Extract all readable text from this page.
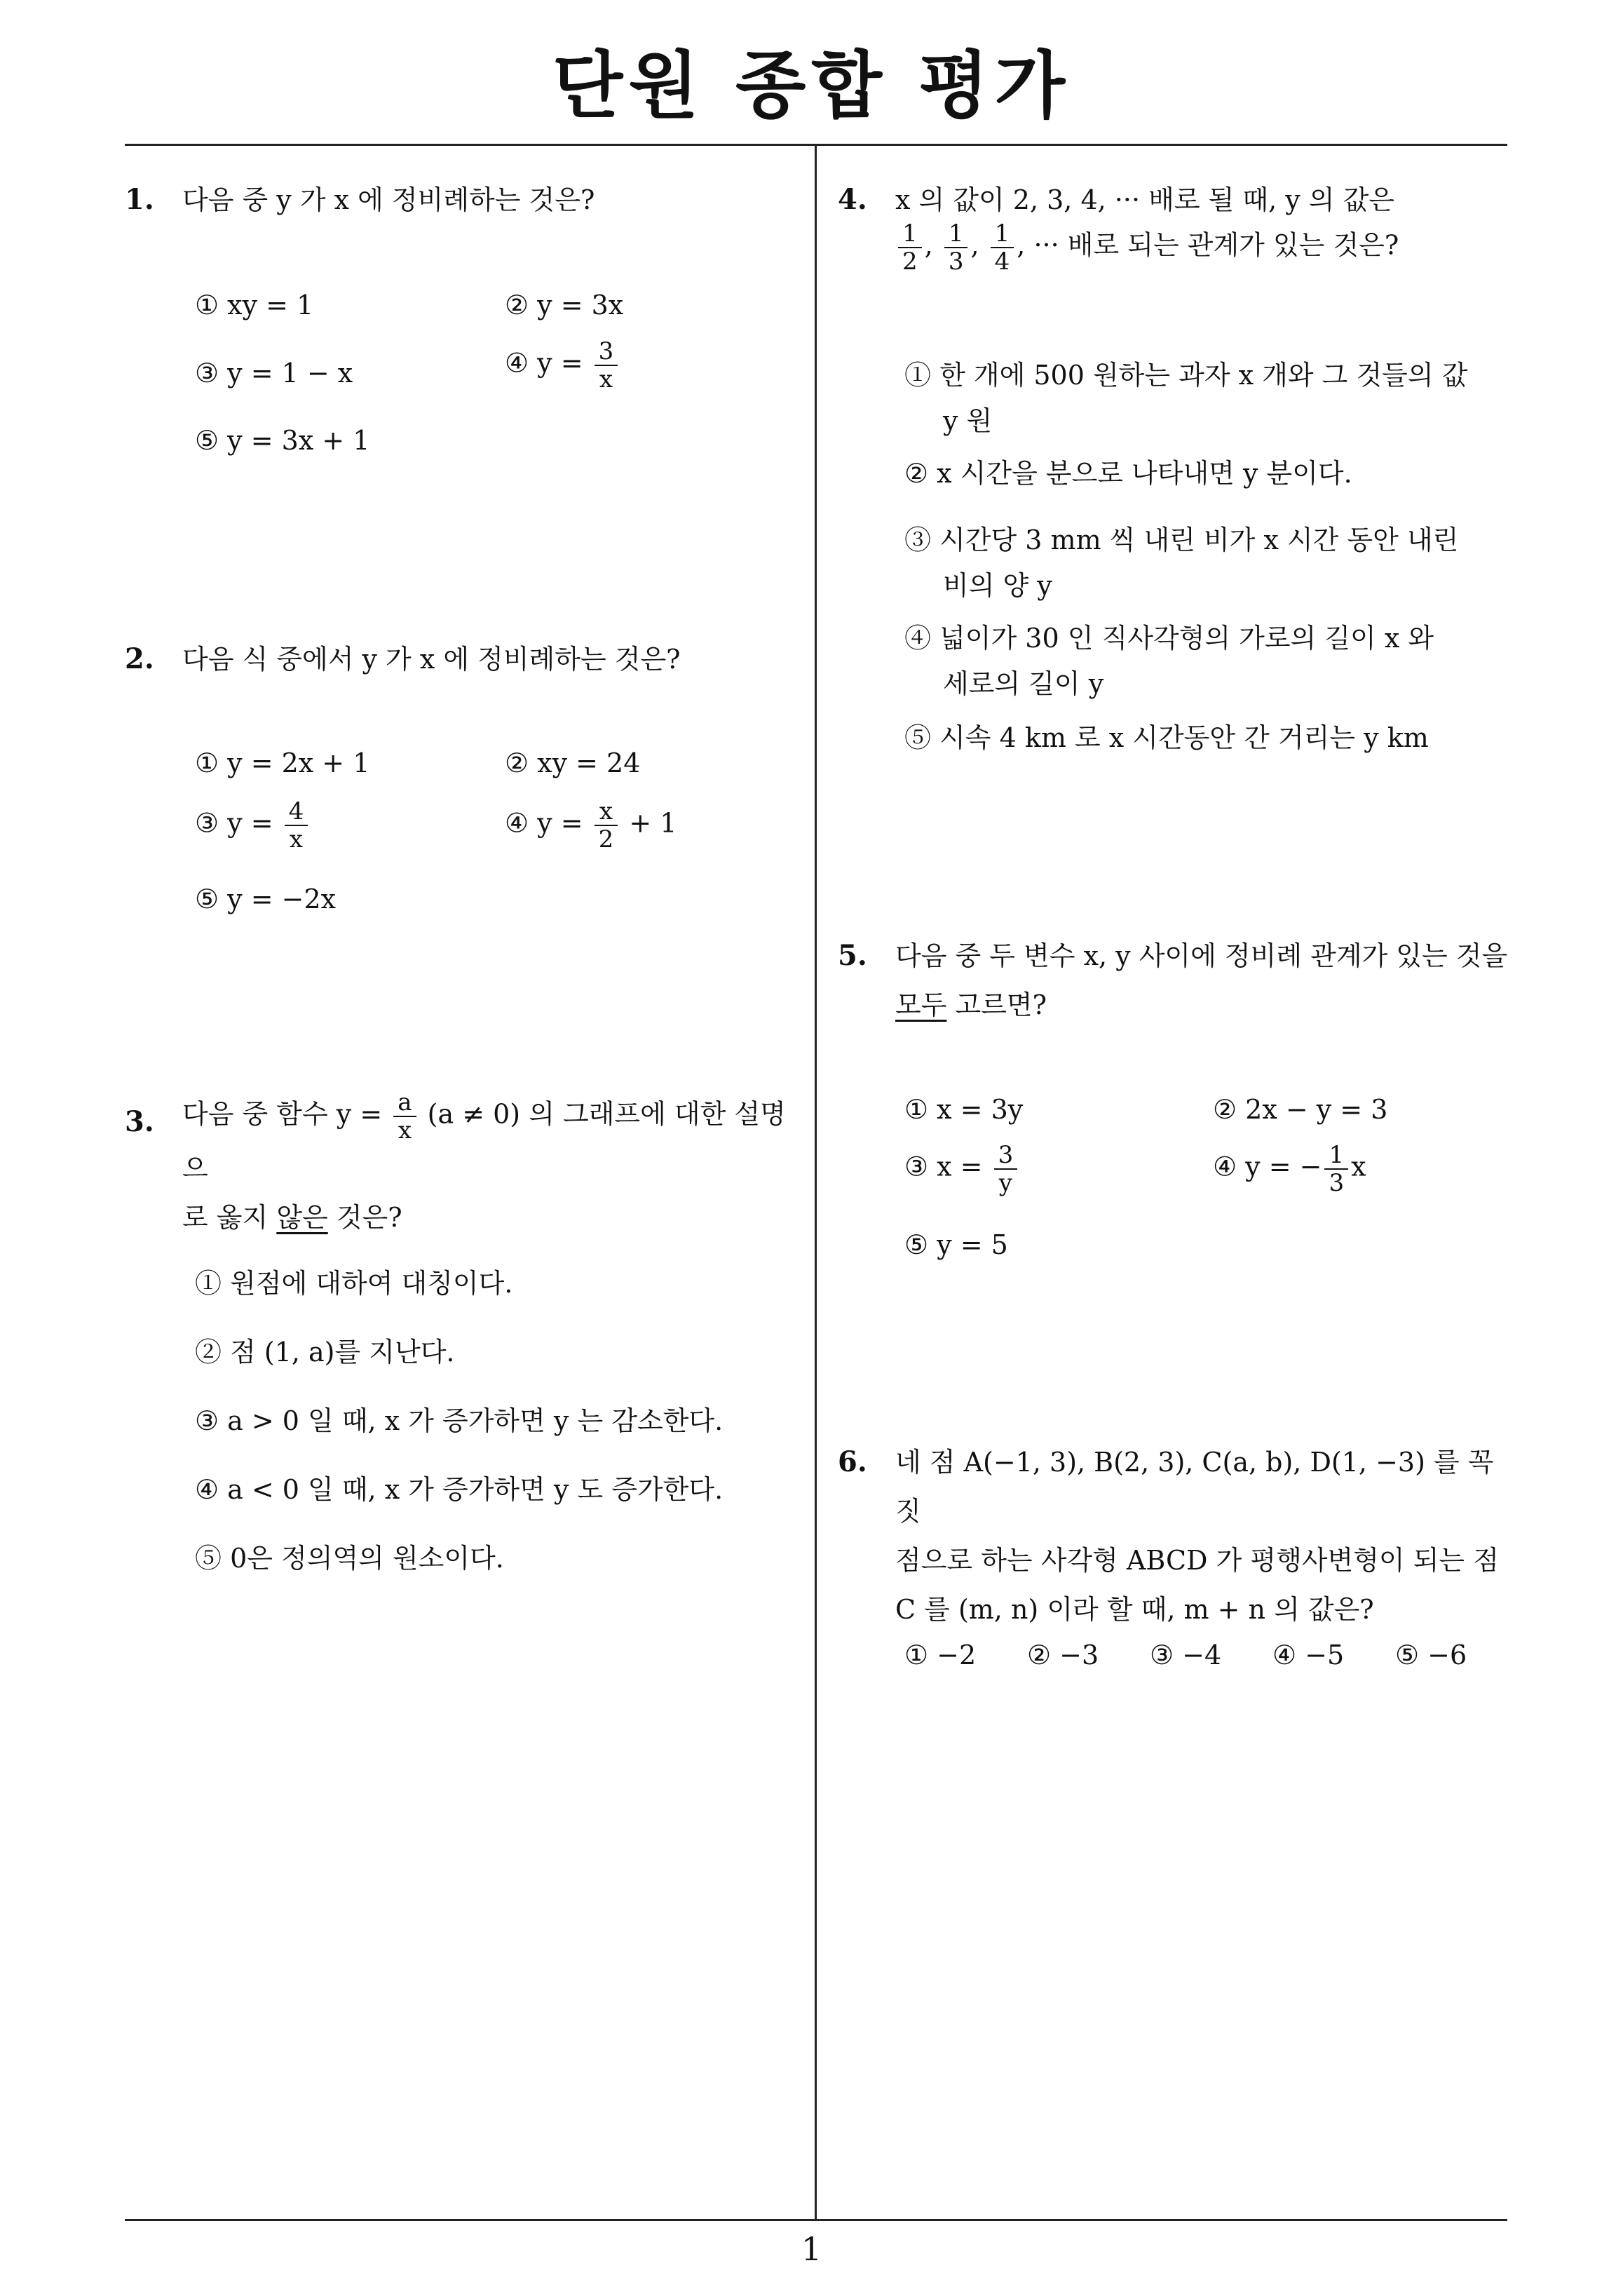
단원 종합 평가
1
1. 다음 중 y 가 x 에 정비례하는 것은?
① xy = 1	② y = 3x
③ y = 1 − x	④ $y = \frac{3}{x}$
⑤ y = 3x + 1
2. 다음 식 중에서 y 가 x 에 정비례하는 것은?
① y = 2x + 1	② xy = 24
③ $y = \frac{4}{x}$	④ $y = \frac{x}{2} + 1$
⑤ y = −2x
3. 다음 중 함수 $y = \frac{a}{x} (a \ne 0)$ 의 그래프에 대한 설명으
로 옳지 않은 것은?
① 원점에 대하여 대칭이다.
② 점 (1, a)를 지난다.
③ a > 0 일 때, x 가 증가하면 y 는 감소한다.
④ a < 0 일 때, x 가 증가하면 y 도 증가한다.
⑤ 0은 정의역의 원소이다.
4. x 의 값이 2, 3, 4, ··· 배로 될 때, y 의 값은
$\frac{1}{2}$ , $\frac{1}{3}$ , $\frac{1}{4}$ , ··· 배로 되는 관계가 있는 것은?
① 한 개에 500 원하는 과자 x 개와 그 것들의 값
y 원
② x 시간을 분으로 나타내면 y 분이다.
③ 시간당 3 mm 씩 내린 비가 x 시간 동안 내린
비의 양 y
④ 넓이가 30 인 직사각형의 가로의 길이 x 와
세로의 길이 y
⑤ 시속 4 km 로 x 시간동안 간 거리는 y km
5. 다음 중 두 변수 x, y 사이에 정비례 관계가 있는 것을
모두 고르면?
① x = 3y	② 2x − y = 3
③ $x = \frac{3}{y}$	④ y = − $\frac{1}{3}$ x
⑤ y = 5
6. 네 점 A(−1, 3), B(2, 3), C(a, b), D(1, −3) 를 꼭짓
점으로 하는 사각형 ABCD 가 평행사변형이 되는 점
C 를 (m, n) 이라 할 때, m + n 의 값은?
① −2 ② −3 ③ −4 ④ −5 ⑤ −6
